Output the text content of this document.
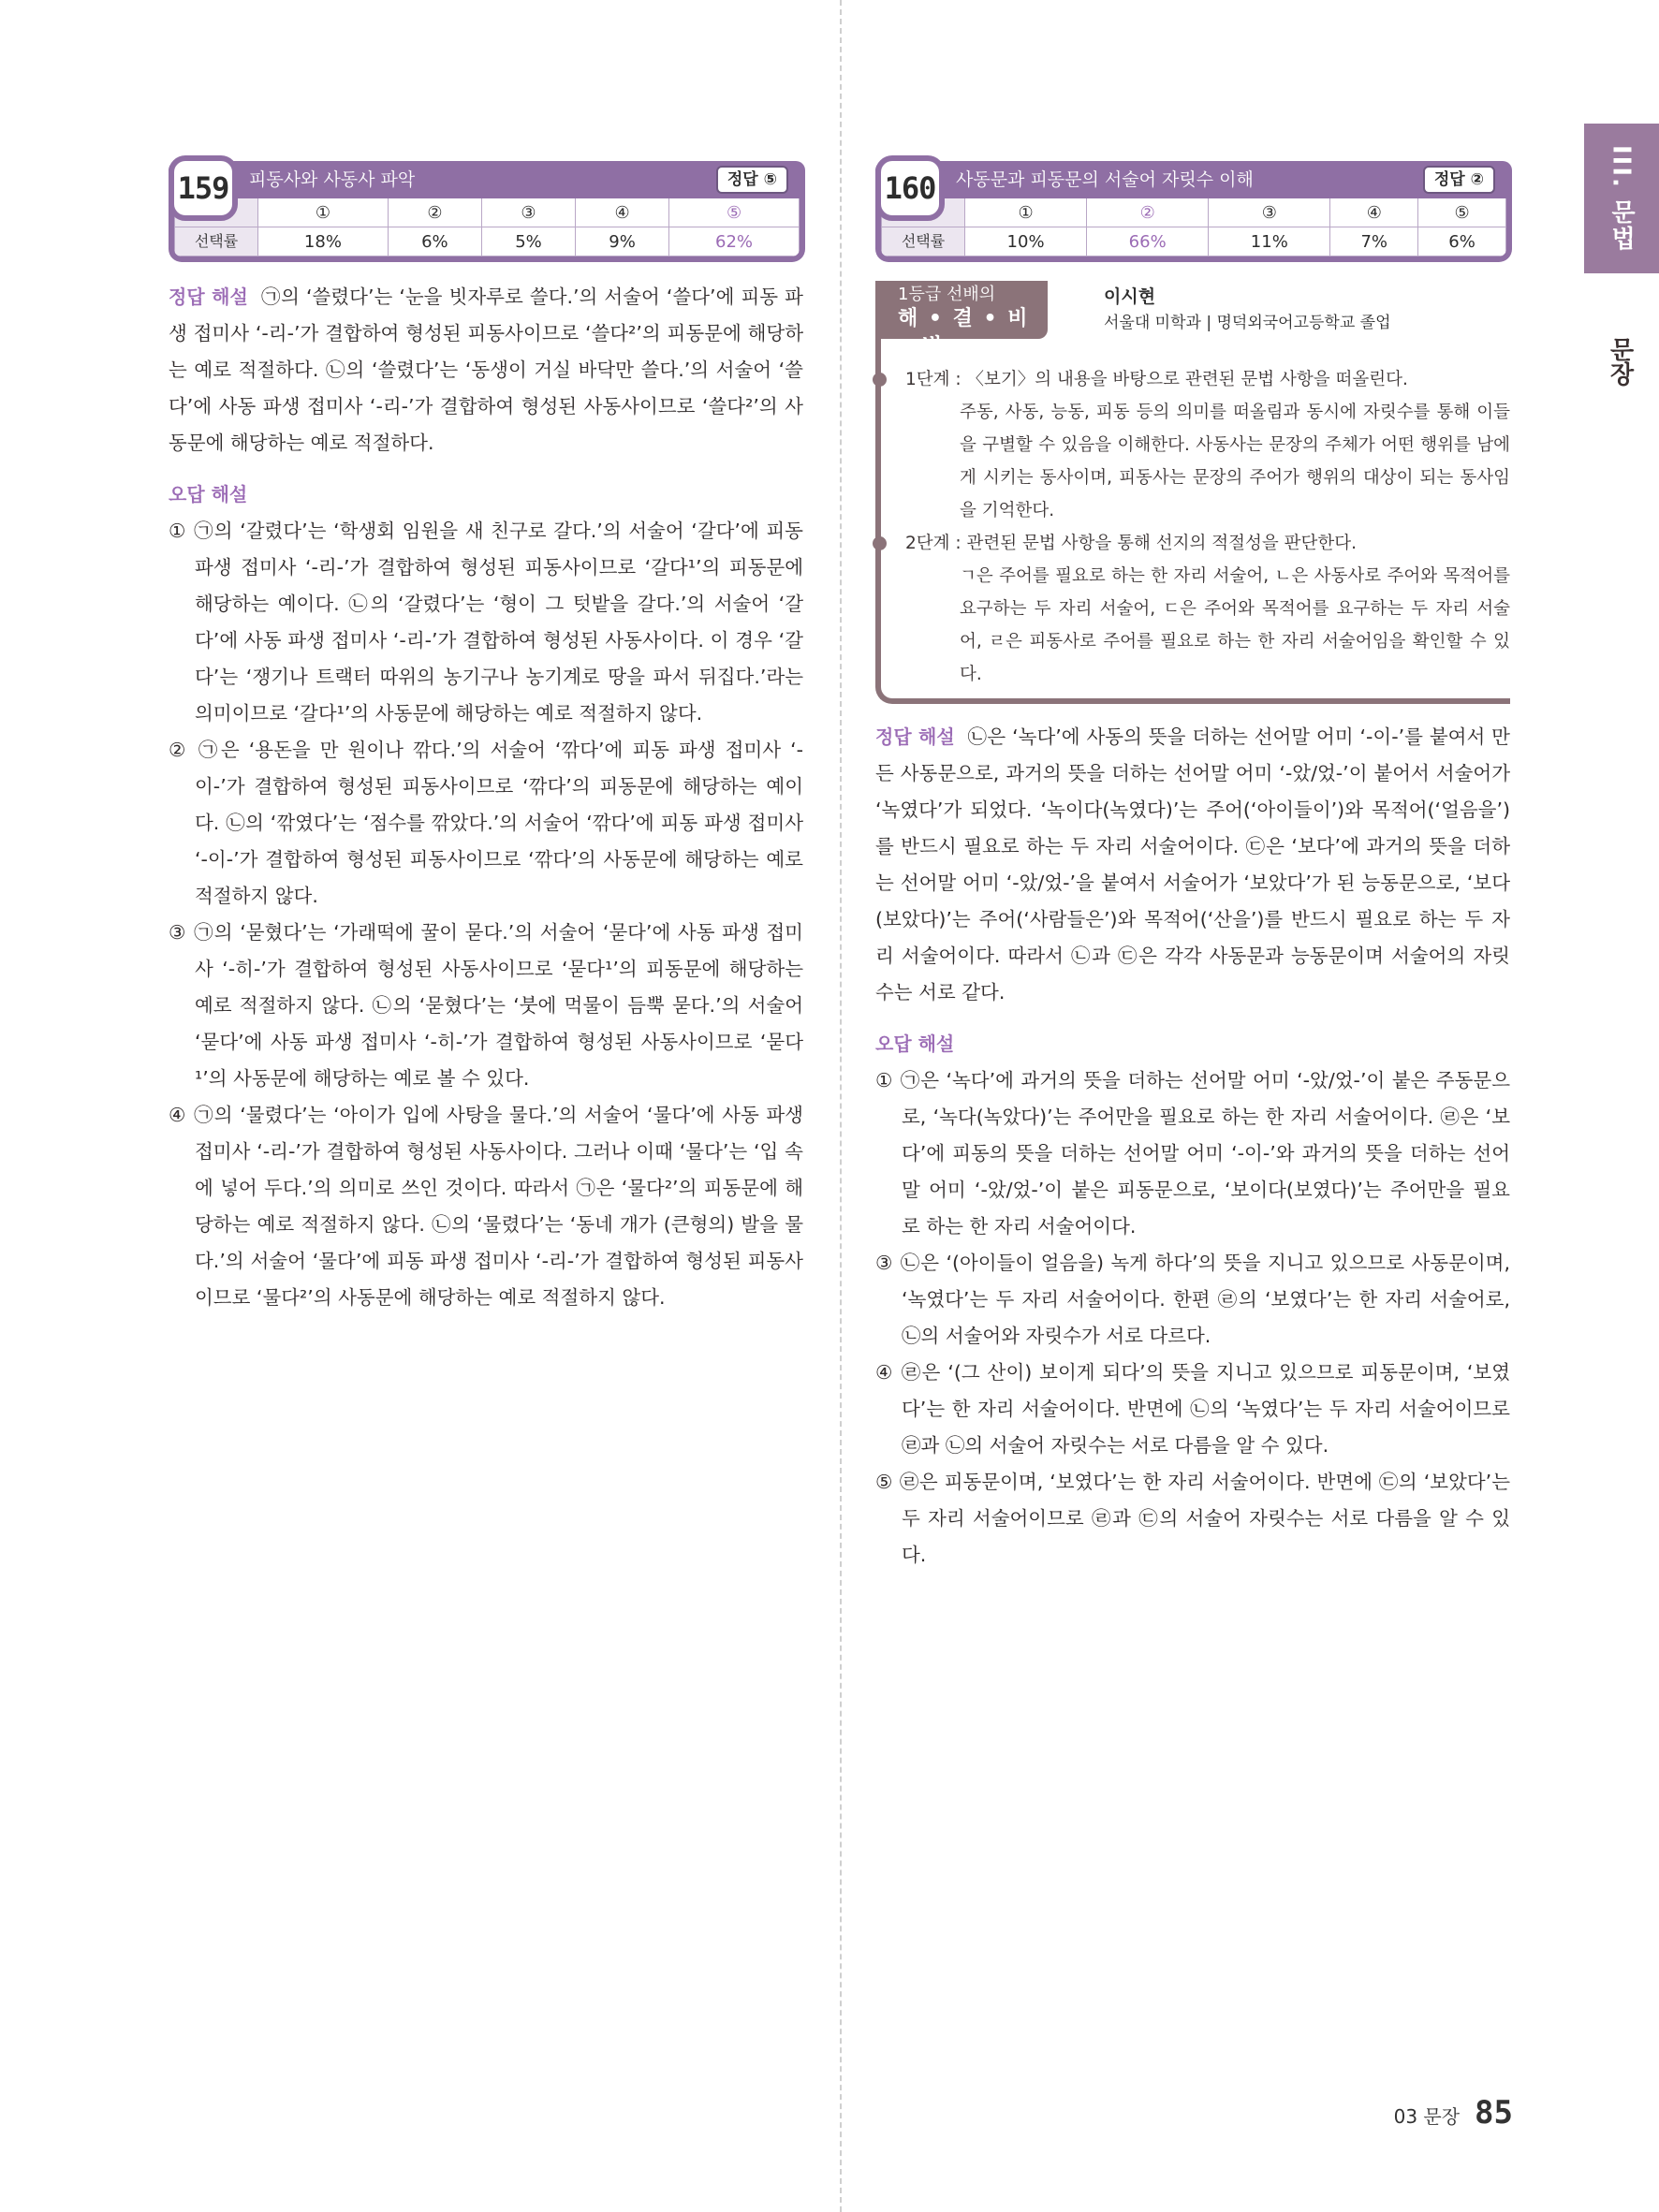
III. 문법
문장
159	피동사와 사동사 파악	정답 ⑤
	①	②	③	④	⑤
선택률	18%	6%	5%	9%	62%

정답 해설 ㉠의 ‘쓸렸다’는 ‘눈을 빗자루로 쓸다.’의 서술어 ‘쓸다’에 피동 파생 접미사 ‘-리-’가 결합하여 형성된 피동사이므로 ‘쓸다²’의 피동문에 해당하는 예로 적절하다. ㉡의 ‘쓸렸다’는 ‘동생이 거실 바닥만 쓸다.’의 서술어 ‘쓸다’에 사동 파생 접미사 ‘-리-’가 결합하여 형성된 사동사이므로 ‘쓸다²’의 사동문에 해당하는 예로 적절하다.

오답 해설

① ㉠의 ‘갈렸다’는 ‘학생회 임원을 새 친구로 갈다.’의 서술어 ‘갈다’에 피동 파생 접미사 ‘-리-’가 결합하여 형성된 피동사이므로 ‘갈다¹’의 피동문에 해당하는 예이다. ㉡의 ‘갈렸다’는 ‘형이 그 텃밭을 갈다.’의 서술어 ‘갈다’에 사동 파생 접미사 ‘-리-’가 결합하여 형성된 사동사이다. 이 경우 ‘갈다’는 ‘쟁기나 트랙터 따위의 농기구나 농기계로 땅을 파서 뒤집다.’라는 의미이므로 ‘갈다¹’의 사동문에 해당하는 예로 적절하지 않다.

② ㉠은 ‘용돈을 만 원이나 깎다.’의 서술어 ‘깎다’에 피동 파생 접미사 ‘-이-’가 결합하여 형성된 피동사이므로 ‘깎다’의 피동문에 해당하는 예이다. ㉡의 ‘깎였다’는 ‘점수를 깎았다.’의 서술어 ‘깎다’에 피동 파생 접미사 ‘-이-’가 결합하여 형성된 피동사이므로 ‘깎다’의 사동문에 해당하는 예로 적절하지 않다.

③ ㉠의 ‘묻혔다’는 ‘가래떡에 꿀이 묻다.’의 서술어 ‘묻다’에 사동 파생 접미사 ‘-히-’가 결합하여 형성된 사동사이므로 ‘묻다¹’의 피동문에 해당하는 예로 적절하지 않다. ㉡의 ‘묻혔다’는 ‘붓에 먹물이 듬뿍 묻다.’의 서술어 ‘묻다’에 사동 파생 접미사 ‘-히-’가 결합하여 형성된 사동사이므로 ‘묻다¹’의 사동문에 해당하는 예로 볼 수 있다.

④ ㉠의 ‘물렸다’는 ‘아이가 입에 사탕을 물다.’의 서술어 ‘물다’에 사동 파생 접미사 ‘-리-’가 결합하여 형성된 사동사이다. 그러나 이때 ‘물다’는 ‘입 속에 넣어 두다.’의 의미로 쓰인 것이다. 따라서 ㉠은 ‘물다²’의 피동문에 해당하는 예로 적절하지 않다. ㉡의 ‘물렸다’는 ‘동네 개가 (큰형의) 발을 물다.’의 서술어 ‘물다’에 피동 파생 접미사 ‘-리-’가 결합하여 형성된 피동사이므로 ‘물다²’의 사동문에 해당하는 예로 적절하지 않다.

160	사동문과 피동문의 서술어 자릿수 이해	정답 ②
	①	②	③	④	⑤
선택률	10%	66%	11%	7%	6%
1등급 선배의
해 • 결 • 비 • 법
이시현
서울대 미학과 | 명덕외국어고등학교 졸업

1단계 : 〈보기〉의 내용을 바탕으로 관련된 문법 사항을 떠올린다.

주동, 사동, 능동, 피동 등의 의미를 떠올림과 동시에 자릿수를 통해 이들을 구별할 수 있음을 이해한다. 사동사는 문장의 주체가 어떤 행위를 남에게 시키는 동사이며, 피동사는 문장의 주어가 행위의 대상이 되는 동사임을 기억한다.

2단계 : 관련된 문법 사항을 통해 선지의 적절성을 판단한다.

ㄱ은 주어를 필요로 하는 한 자리 서술어, ㄴ은 사동사로 주어와 목적어를 요구하는 두 자리 서술어, ㄷ은 주어와 목적어를 요구하는 두 자리 서술어, ㄹ은 피동사로 주어를 필요로 하는 한 자리 서술어임을 확인할 수 있다.

정답 해설 ㉡은 ‘녹다’에 사동의 뜻을 더하는 선어말 어미 ‘-이-’를 붙여서 만든 사동문으로, 과거의 뜻을 더하는 선어말 어미 ‘-았/었-’이 붙어서 서술어가 ‘녹였다’가 되었다. ‘녹이다(녹였다)’는 주어(‘아이들이’)와 목적어(‘얼음을’)를 반드시 필요로 하는 두 자리 서술어이다. ㉢은 ‘보다’에 과거의 뜻을 더하는 선어말 어미 ‘-았/었-’을 붙여서 서술어가 ‘보았다’가 된 능동문으로, ‘보다(보았다)’는 주어(‘사람들은’)와 목적어(‘산을’)를 반드시 필요로 하는 두 자리 서술어이다. 따라서 ㉡과 ㉢은 각각 사동문과 능동문이며 서술어의 자릿수는 서로 같다.

오답 해설

① ㉠은 ‘녹다’에 과거의 뜻을 더하는 선어말 어미 ‘-았/었-’이 붙은 주동문으로, ‘녹다(녹았다)’는 주어만을 필요로 하는 한 자리 서술어이다. ㉣은 ‘보다’에 피동의 뜻을 더하는 선어말 어미 ‘-이-’와 과거의 뜻을 더하는 선어말 어미 ‘-았/었-’이 붙은 피동문으로, ‘보이다(보였다)’는 주어만을 필요로 하는 한 자리 서술어이다.

③ ㉡은 ‘(아이들이 얼음을) 녹게 하다’의 뜻을 지니고 있으므로 사동문이며, ‘녹였다’는 두 자리 서술어이다. 한편 ㉣의 ‘보였다’는 한 자리 서술어로, ㉡의 서술어와 자릿수가 서로 다르다.

④ ㉣은 ‘(그 산이) 보이게 되다’의 뜻을 지니고 있으므로 피동문이며, ‘보였다’는 한 자리 서술어이다. 반면에 ㉡의 ‘녹였다’는 두 자리 서술어이므로 ㉣과 ㉡의 서술어 자릿수는 서로 다름을 알 수 있다.

⑤ ㉣은 피동문이며, ‘보였다’는 한 자리 서술어이다. 반면에 ㉢의 ‘보았다’는 두 자리 서술어이므로 ㉣과 ㉢의 서술어 자릿수는 서로 다름을 알 수 있다.

03 문장 85
